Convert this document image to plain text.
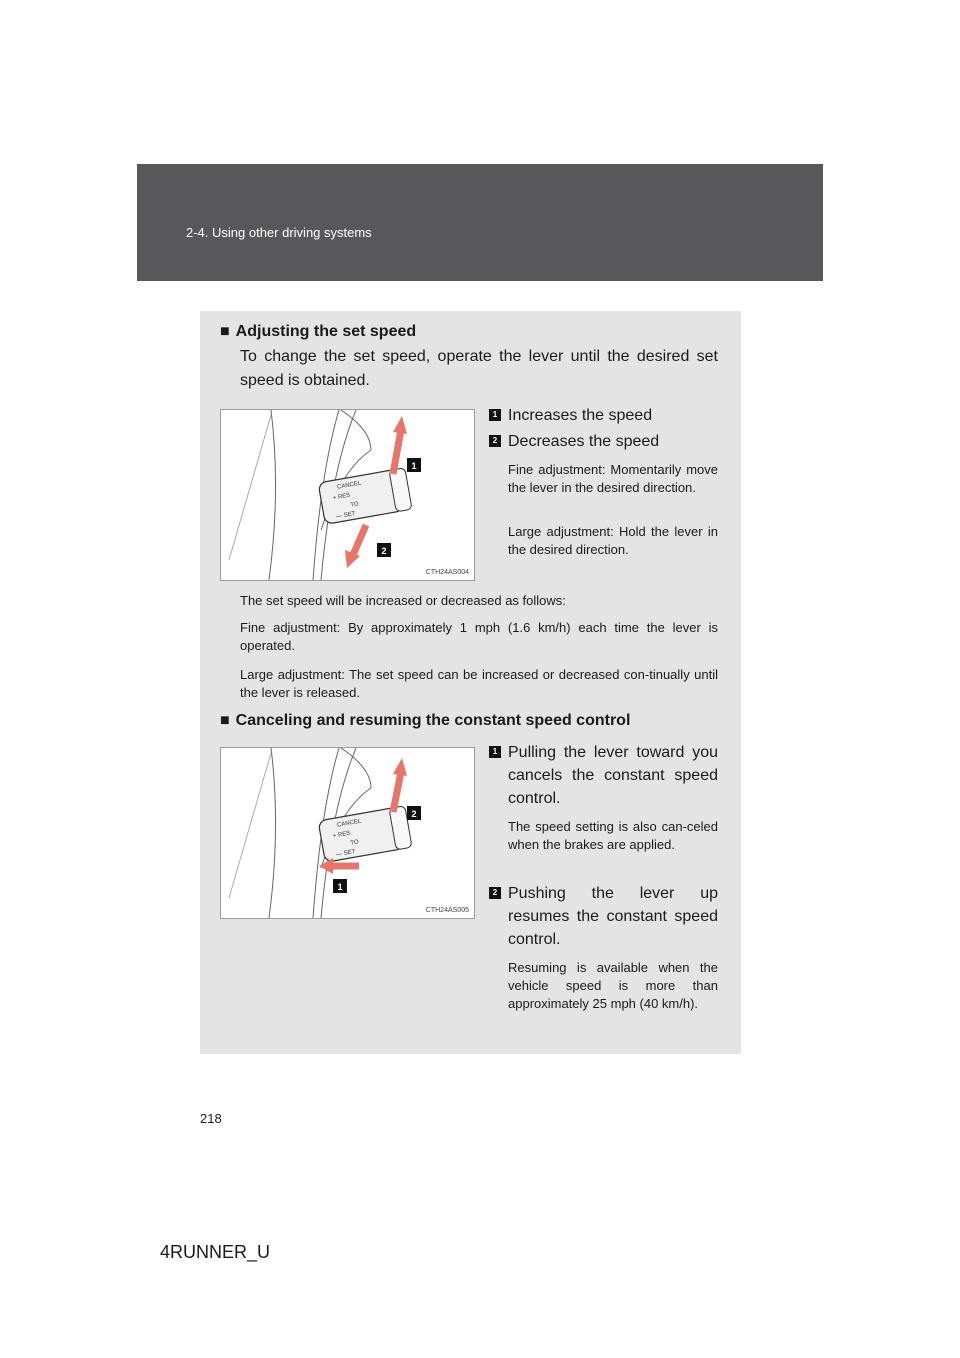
2-4. Using other driving systems
■ Adjusting the set speed
To change the set speed, operate the lever until the desired set speed is obtained.
CANCEL
+ RES
TO
— SET
1
2
CTH24AS004
1 Increases the speed
2 Decreases the speed
Fine adjustment: Momentarily move the lever in the desired direction.
Large adjustment: Hold the lever in the desired direction.
The set speed will be increased or decreased as follows:
Fine adjustment: By approximately 1 mph (1.6 km/h) each time the lever is operated.
Large adjustment: The set speed can be increased or decreased con-tinually until the lever is released.
■ Canceling and resuming the constant speed control
CANCEL
+ RES
TO
— SET
2
1
CTH24AS005
1 Pulling the lever toward you cancels the constant speed control.
The speed setting is also can-celed when the brakes are applied.
2 Pushing the lever up resumes the constant speed control.
Resuming is available when the vehicle speed is more than approximately 25 mph (40 km/h).
218
4RUNNER_U
